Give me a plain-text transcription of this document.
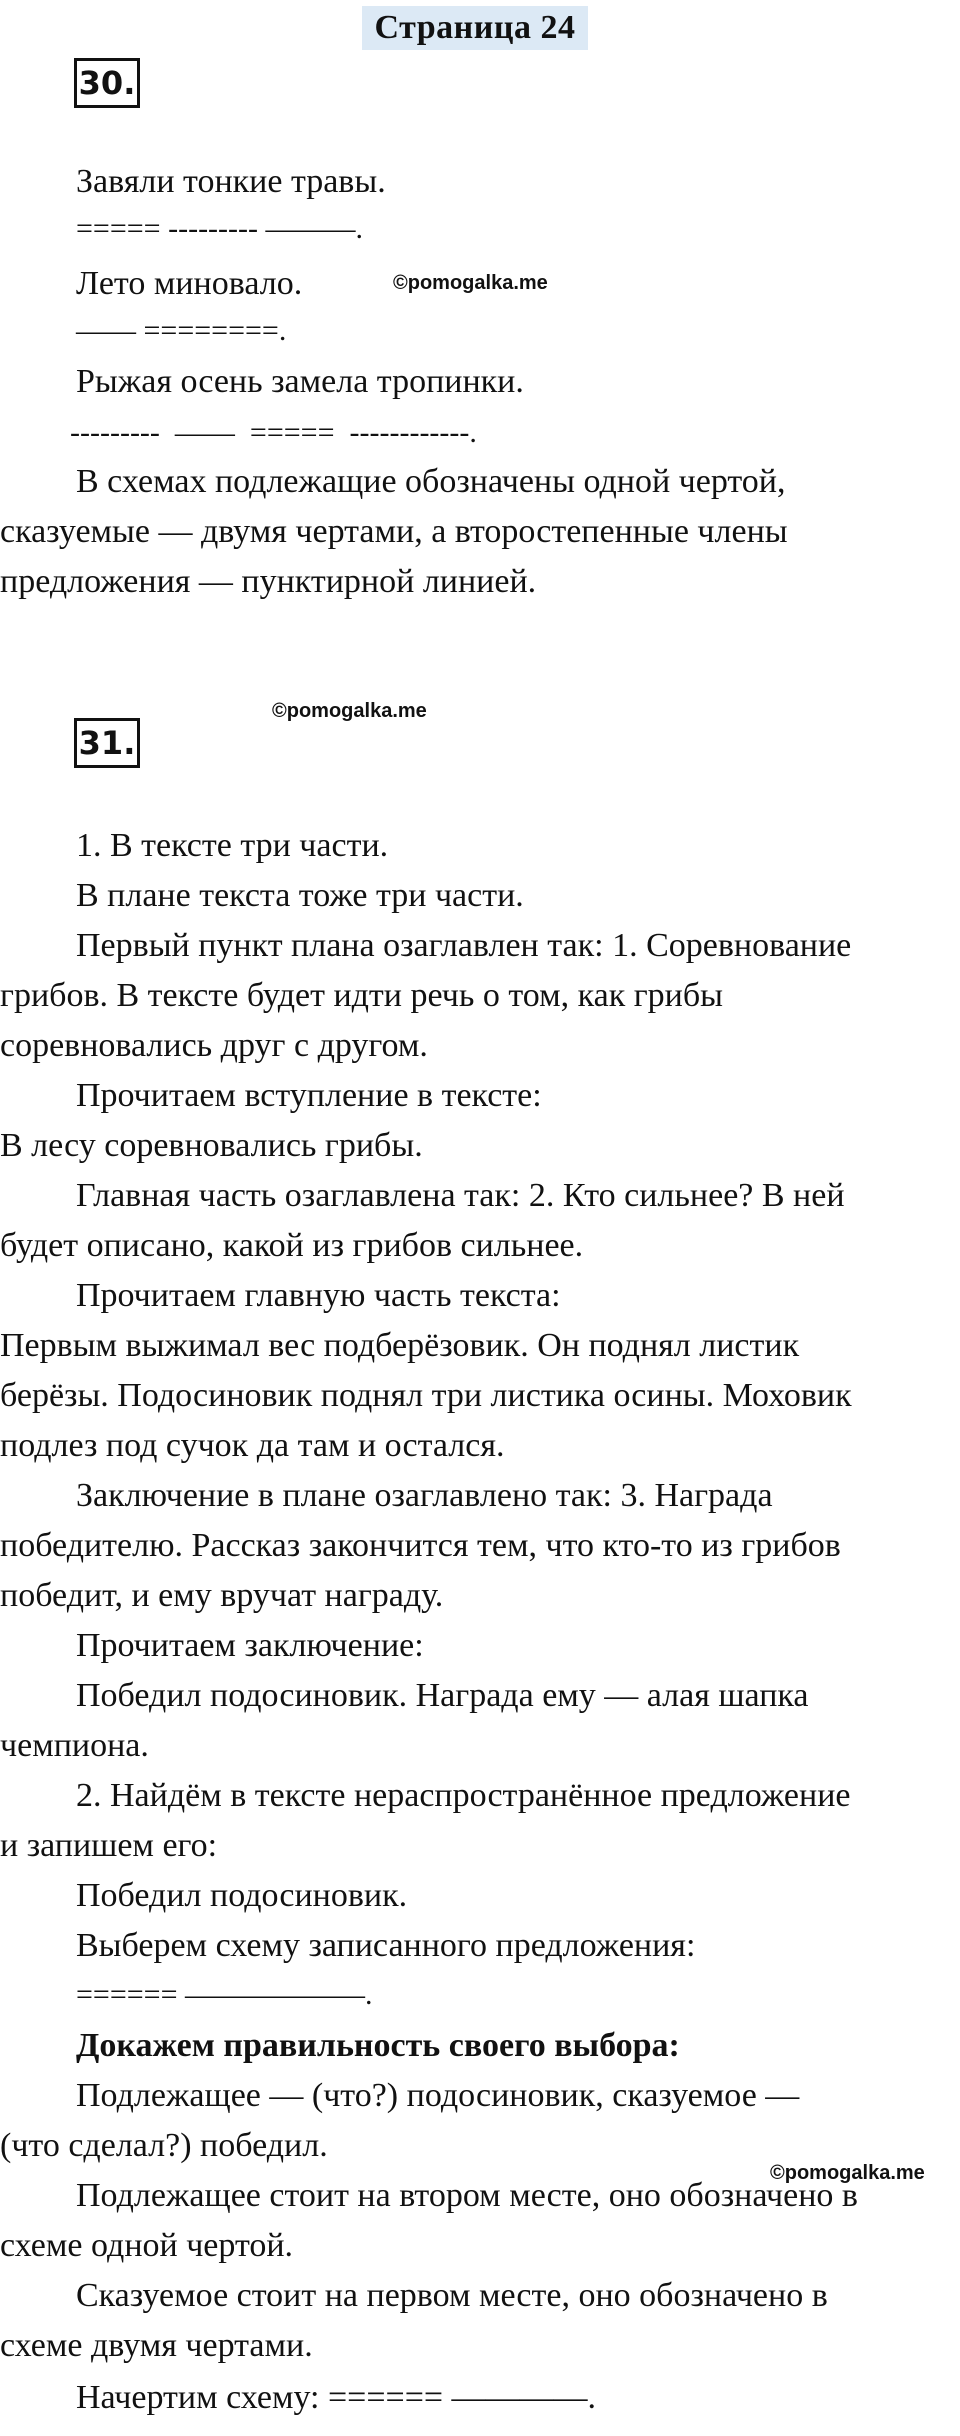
Страница 24
30.
Завяли тонкие травы.
===== --------- ———.
Лето миновало.	©pomogalka.me
—— ========.
Рыжая осень замела тропинки.
---------  ——  =====  ------------.
В схемах подлежащие обозначены одной чертой,
сказуемые — двумя чертами, а второстепенные члены
предложения — пунктирной линией.
©pomogalka.me
31.
1. В тексте три части.
В плане текста тоже три части.
Первый пункт плана озаглавлен так: 1. Соревнование
грибов. В тексте будет идти речь о том, как грибы
соревновались друг с другом.
Прочитаем вступление в тексте:
В лесу соревновались грибы.
Главная часть озаглавлена так: 2. Кто сильнее? В ней
будет описано, какой из грибов сильнее.
Прочитаем главную часть текста:
Первым выжимал вес подберёзовик. Он поднял листик
берёзы. Подосиновик поднял три листика осины. Моховик
подлез под сучок да там и остался.
Заключение в плане озаглавлено так: 3. Награда
победителю. Рассказ закончится тем, что кто-то из грибов
победит, и ему вручат награду.
Прочитаем заключение:
Победил подосиновик. Награда ему — алая шапка
чемпиона.
2. Найдём в тексте нераспространённое предложение
и запишем его:
Победил подосиновик.
Выберем схему записанного предложения:
====== ——————.
Докажем правильность своего выбора:
Подлежащее — (что?) подосиновик, сказуемое —
(что сделал?) победил.
©pomogalka.me
Подлежащее стоит на втором месте, оно обозначено в
схеме одной чертой.
Сказуемое стоит на первом месте, оно обозначено в
схеме двумя чертами.
Начертим схему: ====== ————.
